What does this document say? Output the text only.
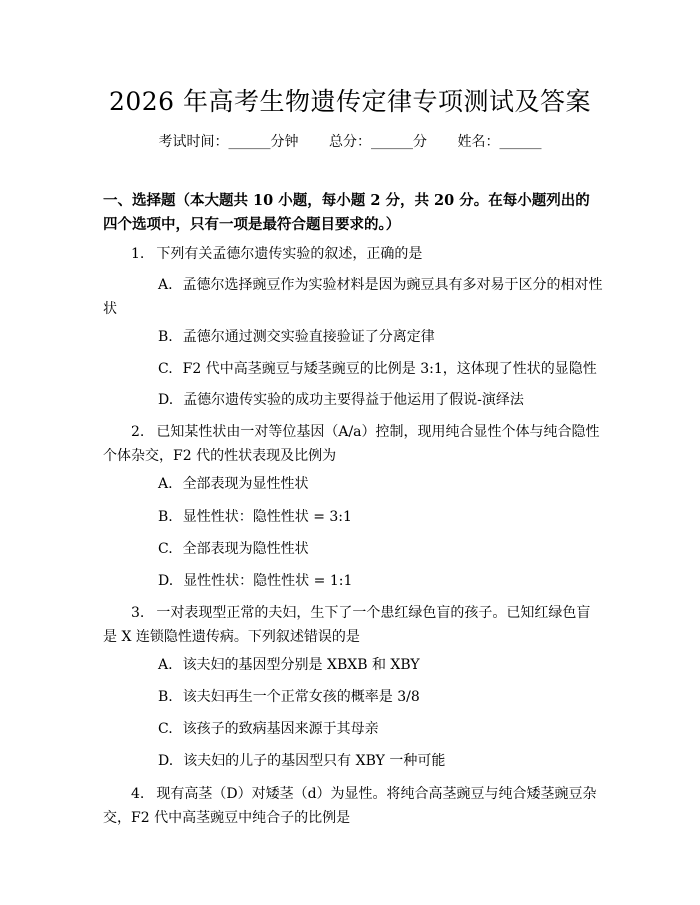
2026 年高考生物遗传定律专项测试及答案
考试时间：______分钟 总分：______分 姓名：______
一、选择题（本大题共 10 小题，每小题 2 分，共 20 分。在每小题列出的四个选项中，只有一项是最符合题目要求的。）
1. 下列有关孟德尔遗传实验的叙述，正确的是
A. 孟德尔选择豌豆作为实验材料是因为豌豆具有多对易于区分的相对性状
B. 孟德尔通过测交实验直接验证了分离定律
C. F2 代中高茎豌豆与矮茎豌豆的比例是 3:1，这体现了性状的显隐性
D. 孟德尔遗传实验的成功主要得益于他运用了假说-演绎法
2. 已知某性状由一对等位基因（A/a）控制，现用纯合显性个体与纯合隐性个体杂交，F2 代的性状表现及比例为
A. 全部表现为显性性状
B. 显性性状：隐性性状 = 3:1
C. 全部表现为隐性性状
D. 显性性状：隐性性状 = 1:1
3. 一对表现型正常的夫妇，生下了一个患红绿色盲的孩子。已知红绿色盲是 X 连锁隐性遗传病。下列叙述错误的是
A. 该夫妇的基因型分别是 XBXB 和 XBY
B. 该夫妇再生一个正常女孩的概率是 3/8
C. 该孩子的致病基因来源于其母亲
D. 该夫妇的儿子的基因型只有 XBY 一种可能
4. 现有高茎（D）对矮茎（d）为显性。将纯合高茎豌豆与纯合矮茎豌豆杂交，F2 代中高茎豌豆中纯合子的比例是
